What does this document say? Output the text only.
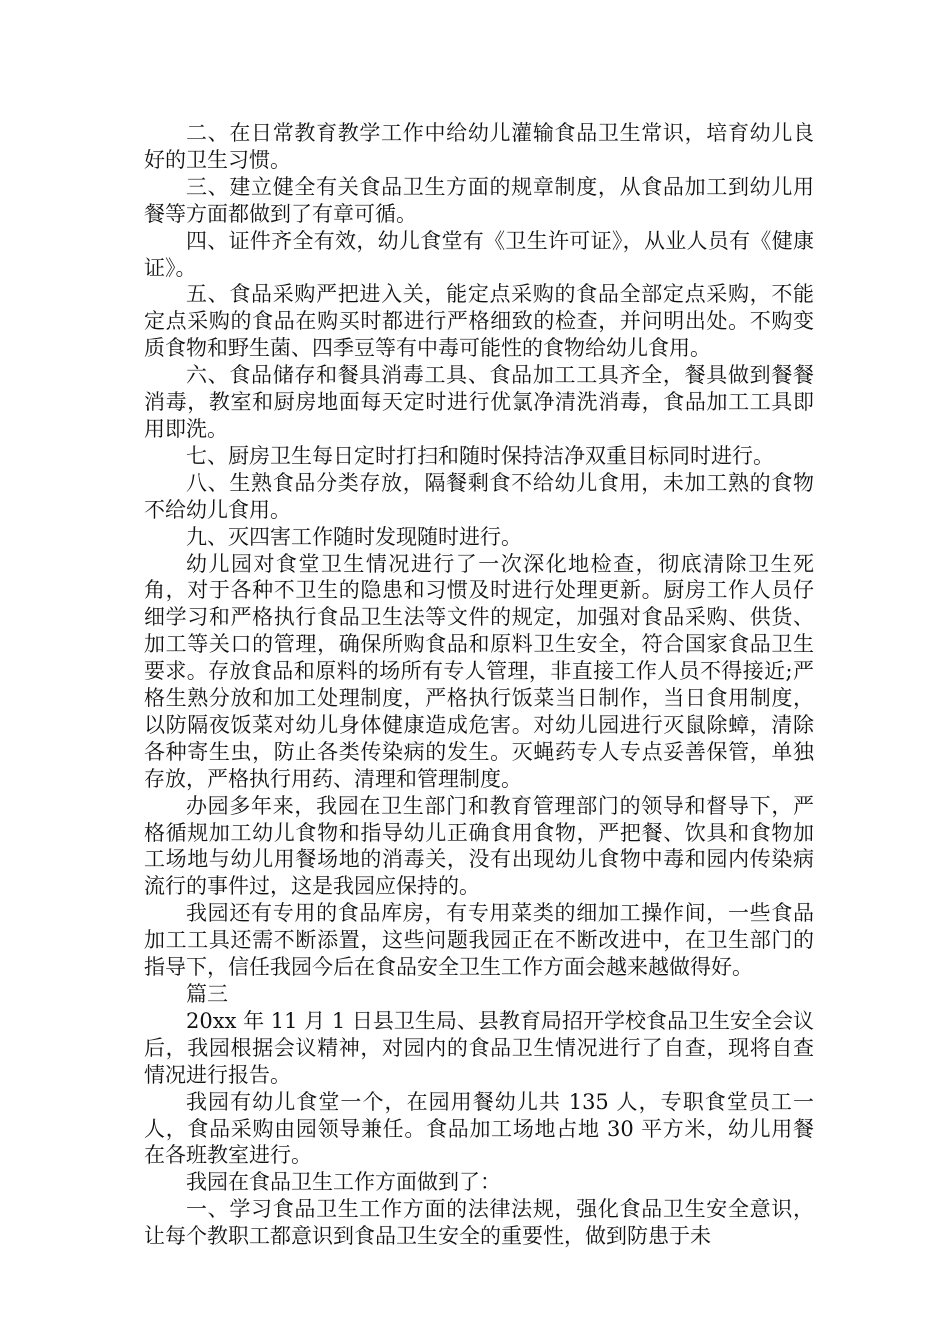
二、在日常教育教学工作中给幼儿灌输食品卫生常识，培育幼儿良好的卫生习惯。

三、建立健全有关食品卫生方面的规章制度，从食品加工到幼儿用餐等方面都做到了有章可循。

四、证件齐全有效，幼儿食堂有《卫生许可证》，从业人员有《健康证》。

五、食品采购严把进入关，能定点采购的食品全部定点采购，不能定点采购的食品在购买时都进行严格细致的检查，并问明出处。不购变质食物和野生菌、四季豆等有中毒可能性的食物给幼儿食用。

六、食品储存和餐具消毒工具、食品加工工具齐全，餐具做到餐餐消毒，教室和厨房地面每天定时进行优氯净清洗消毒，食品加工工具即用即洗。

七、厨房卫生每日定时打扫和随时保持洁净双重目标同时进行。

八、生熟食品分类存放，隔餐剩食不给幼儿食用，未加工熟的食物不给幼儿食用。

九、灭四害工作随时发现随时进行。

幼儿园对食堂卫生情况进行了一次深化地检查，彻底清除卫生死角，对于各种不卫生的隐患和习惯及时进行处理更新。厨房工作人员仔细学习和严格执行食品卫生法等文件的规定，加强对食品采购、供货、加工等关口的管理，确保所购食品和原料卫生安全，符合国家食品卫生要求。存放食品和原料的场所有专人管理，非直接工作人员不得接近;严格生熟分放和加工处理制度，严格执行饭菜当日制作，当日食用制度，以防隔夜饭菜对幼儿身体健康造成危害。对幼儿园进行灭鼠除蟑，清除各种寄生虫，防止各类传染病的发生。灭蝇药专人专点妥善保管，单独存放，严格执行用药、清理和管理制度。

办园多年来，我园在卫生部门和教育管理部门的领导和督导下，严格循规加工幼儿食物和指导幼儿正确食用食物，严把餐、饮具和食物加工场地与幼儿用餐场地的消毒关，没有出现幼儿食物中毒和园内传染病流行的事件过，这是我园应保持的。

我园还有专用的食品库房，有专用菜类的细加工操作间，一些食品加工工具还需不断添置，这些问题我园正在不断改进中，在卫生部门的指导下，信任我园今后在食品安全卫生工作方面会越来越做得好。

篇三

20xx 年 11 月 1 日县卫生局、县教育局招开学校食品卫生安全会议后，我园根据会议精神，对园内的食品卫生情况进行了自查，现将自查情况进行报告。

我园有幼儿食堂一个，在园用餐幼儿共 135 人，专职食堂员工一人，食品采购由园领导兼任。食品加工场地占地 30 平方米，幼儿用餐在各班教室进行。

我园在食品卫生工作方面做到了：

一、学习食品卫生工作方面的法律法规，强化食品卫生安全意识，让每个教职工都意识到食品卫生安全的重要性，做到防患于未
